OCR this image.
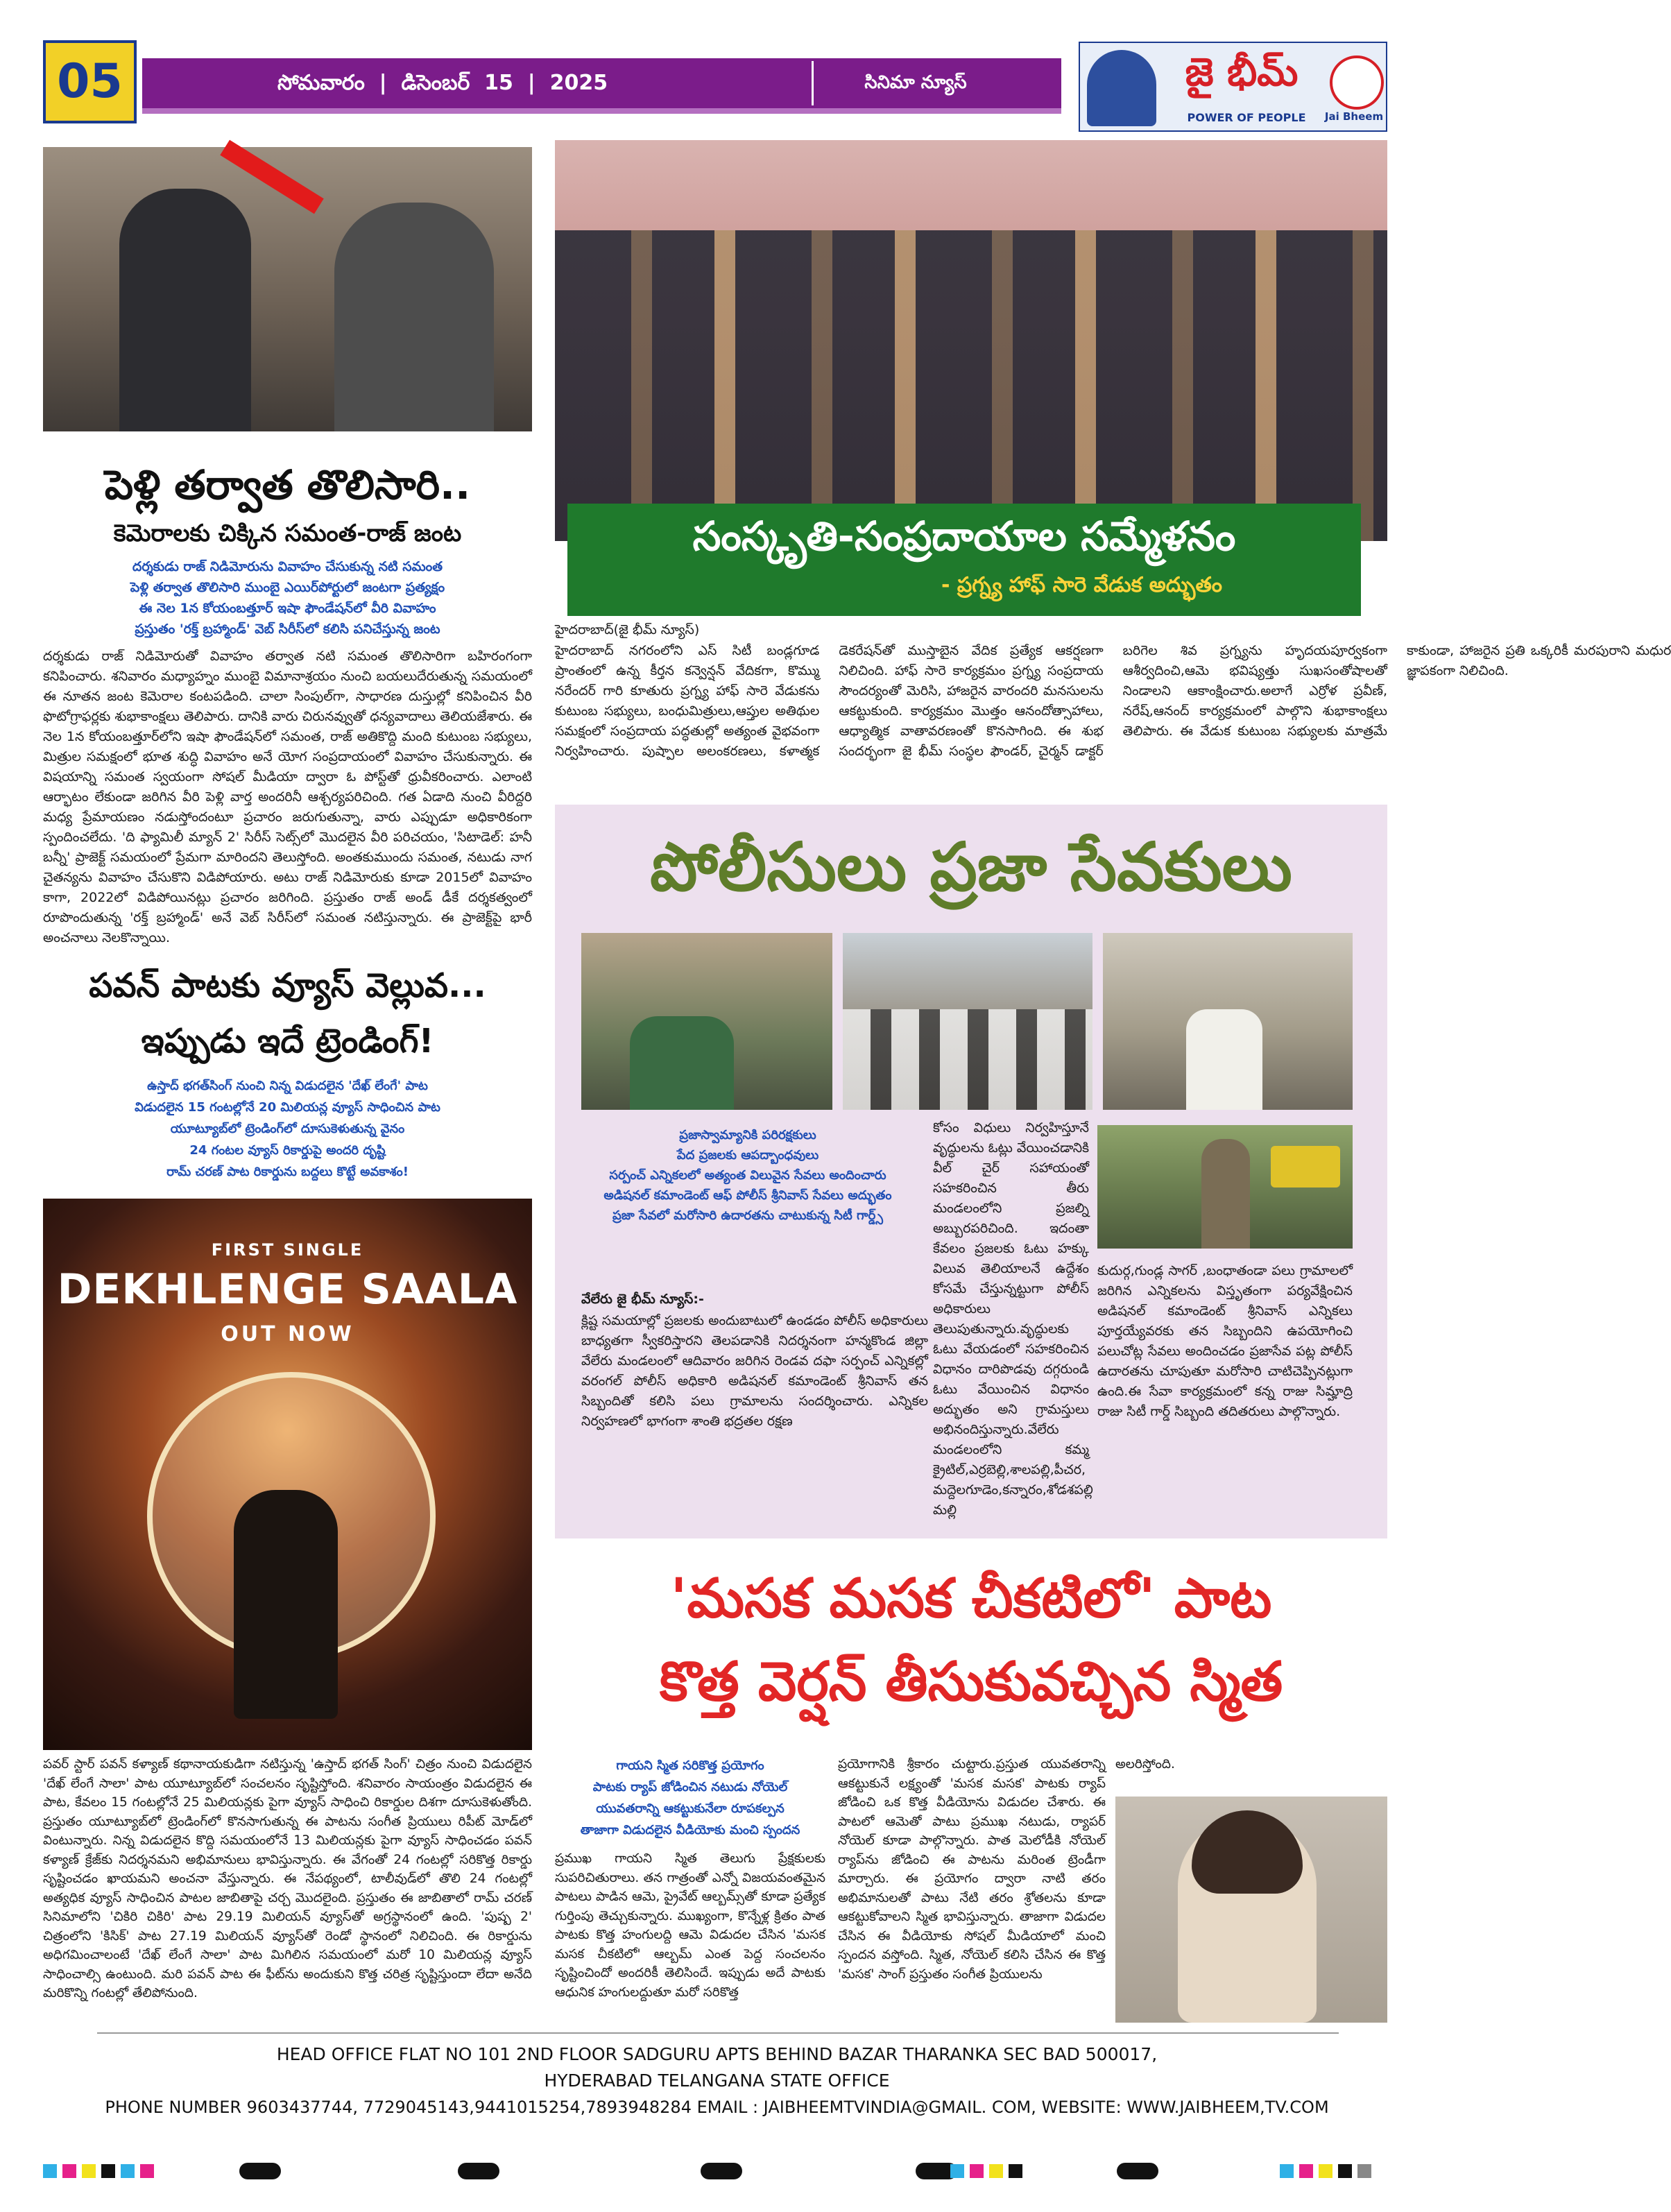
05	సోమవారం  |  డిసెంబర్  15  |  2025	సినిమా న్యూస్	జై భీమ్
POWER OF PEOPLE	Jai Bheem
పెళ్లి తర్వాత తొలిసారి..
కెమెరాలకు చిక్కిన సమంత-రాజ్ జంట
దర్శకుడు రాజ్ నిడిమోరును వివాహం చేసుకున్న నటి సమంత
పెళ్లి తర్వాత తొలిసారి ముంబై ఎయిర్‌పోర్టులో జంటగా ప్రత్యక్షం
ఈ నెల 1న కోయంబత్తూర్ ఇషా ఫౌండేషన్‌లో వీరి వివాహం
ప్రస్తుతం 'రక్త్ బ్రహ్మాండ్' వెబ్ సిరీస్‌లో కలిసి పనిచేస్తున్న జంట
దర్శకుడు రాజ్ నిడిమోరుతో వివాహం తర్వాత నటి సమంత తొలిసారిగా బహిరంగంగా కనిపించారు. శనివారం మధ్యాహ్నం ముంబై విమానాశ్రయం నుంచి బయలుదేరుతున్న సమయంలో ఈ నూతన జంట కెమెరాల కంటపడింది. చాలా సింపుల్‌గా, సాధారణ దుస్తుల్లో కనిపించిన వీరి ఫొటోగ్రాఫర్లకు శుభాకాంక్షలు తెలిపారు. దానికి వారు చిరునవ్వుతో ధన్యవాదాలు తెలియజేశారు. ఈ నెల 1న కోయంబత్తూర్‌లోని ఇషా ఫౌండేషన్‌లో సమంత, రాజ్ అతికొద్ది మంది కుటుంబ సభ్యులు, మిత్రుల సమక్షంలో భూత శుద్ధి వివాహం అనే యోగ సంప్రదాయంలో వివాహం చేసుకున్నారు. ఈ విషయాన్ని సమంత స్వయంగా సోషల్ మీడియా ద్వారా ఓ పోస్ట్‌తో ధ్రువీకరించారు. ఎలాంటి ఆర్భాటం లేకుండా జరిగిన వీరి పెళ్లి వార్త అందరినీ ఆశ్చర్యపరిచింది. గత ఏడాది నుంచి వీరిద్దరి మధ్య ప్రేమాయణం నడుస్తోందంటూ ప్రచారం జరుగుతున్నా, వారు ఎప్పుడూ అధికారికంగా స్పందించలేదు. 'ది ఫ్యామిలీ మ్యాన్ 2' సిరీస్ సెట్స్‌లో మొదలైన వీరి పరిచయం, 'సిటాడెల్: హనీ బన్నీ' ప్రాజెక్ట్ సమయంలో ప్రేమగా మారిందని తెలుస్తోంది. అంతకుముందు సమంత, నటుడు నాగ చైతన్యను వివాహం చేసుకొని విడిపోయారు. అటు రాజ్ నిడిమోరుకు కూడా 2015లో వివాహం కాగా, 2022లో విడిపోయినట్లు ప్రచారం జరిగింది. ప్రస్తుతం రాజ్ అండ్ డీకే దర్శకత్వంలో రూపొందుతున్న 'రక్త్ బ్రహ్మాండ్' అనే వెబ్ సిరీస్‌లో సమంత నటిస్తున్నారు. ఈ ప్రాజెక్ట్‌పై భారీ అంచనాలు నెలకొన్నాయి.
పవన్ పాటకు వ్యూస్ వెల్లువ...
ఇప్పుడు ఇదే ట్రెండింగ్!
ఉస్తాద్ భగత్‌సింగ్ నుంచి నిన్న విడుదలైన 'దేఖ్ లేంగే' పాట
విడుదలైన 15 గంటల్లోనే 20 మిలియన్ల వ్యూస్ సాధించిన పాట
యూట్యూబ్‌లో ట్రెండింగ్‌లో దూసుకెళుతున్న వైనం
24 గంటల వ్యూస్ రికార్డుపై అందరి దృష్టి
రామ్ చరణ్ పాట రికార్డును బద్దలు కొట్టే అవకాశం!
FIRST SINGLE
DEKHLENGE SAALA
OUT NOW
పవర్ స్టార్ పవన్ కళ్యాణ్ కథానాయకుడిగా నటిస్తున్న 'ఉస్తాద్ భగత్ సింగ్' చిత్రం నుంచి విడుదలైన 'దేఖ్ లేంగే సాలా' పాట యూట్యూబ్‌లో సంచలనం సృష్టిస్తోంది. శనివారం సాయంత్రం విడుదలైన ఈ పాట, కేవలం 15 గంటల్లోనే 25 మిలియన్లకు పైగా వ్యూస్ సాధించి రికార్డుల దిశగా దూసుకెళుతోంది. ప్రస్తుతం యూట్యూబ్‌లో ట్రెండింగ్‌లో కొనసాగుతున్న ఈ పాటను సంగీత ప్రియులు రిపీట్ మోడ్‌లో వింటున్నారు. నిన్న విడుదలైన కొద్ది సమయంలోనే 13 మిలియన్లకు పైగా వ్యూస్ సాధించడం పవన్ కళ్యాణ్ క్రేజ్‌కు నిదర్శనమని అభిమానులు భావిస్తున్నారు. ఈ వేగంతో 24 గంటల్లో సరికొత్త రికార్డు సృష్టించడం ఖాయమని అంచనా వేస్తున్నారు. ఈ నేపథ్యంలో, టాలీవుడ్‌లో తొలి 24 గంటల్లో అత్యధిక వ్యూస్ సాధించిన పాటల జాబితాపై చర్చ మొదలైంది. ప్రస్తుతం ఈ జాబితాలో రామ్ చరణ్ సినిమాలోని 'చికిరి చికిరి' పాట 29.19 మిలియన్ వ్యూస్‌తో అగ్రస్థానంలో ఉంది. 'పుష్ప 2' చిత్రంలోని 'కిసిక్' పాట 27.19 మిలియన్ వ్యూస్‌తో రెండో స్థానంలో నిలిచింది. ఈ రికార్డును అధిగమించాలంటే 'దేఖ్ లేంగే సాలా' పాట మిగిలిన సమయంలో మరో 10 మిలియన్ల వ్యూస్ సాధించాల్సి ఉంటుంది. మరి పవన్ పాట ఈ ఫీట్‌ను అందుకుని కొత్త చరిత్ర సృష్టిస్తుందా లేదా అనేది మరికొన్ని గంటల్లో తేలిపోనుంది.
సంస్కృతి-సంప్రదాయాల సమ్మేళనం
- ప్రగ్న్య హాఫ్ సారె వేడుక అద్భుతం
హైదరాబాద్(జై భీమ్ న్యూస్)
హైదరాబాద్ నగరంలోని ఎస్ సిటీ బండ్లగూడ ప్రాంతంలో ఉన్న కీర్తన కన్వెన్షన్ వేదికగా, కొమ్ము నరేందర్ గారి కూతురు ప్రగ్న్య హాఫ్ సారె వేడుకను కుటుంబ సభ్యులు, బంధుమిత్రులు,ఆప్తుల అతిథుల సమక్షంలో సంప్రదాయ పద్ధతుల్లో అత్యంత వైభవంగా నిర్వహించారు. పుష్పాల అలంకరణలు, కళాత్మక డెకరేషన్‌తో ముస్తాబైన వేదిక ప్రత్యేక ఆకర్షణగా నిలిచింది. హాఫ్ సారె కార్యక్రమం ప్రగ్న్య సంప్రదాయ సౌందర్యంతో మెరిసి, హాజరైన వారందరి మనసులను ఆకట్టుకుంది. కార్యక్రమం మొత్తం ఆనందోత్సాహాలు, ఆధ్యాత్మిక వాతావరణంతో కొనసాగింది. ఈ శుభ సందర్భంగా జై భీమ్ సంస్థల ఫౌండర్, చైర్మన్ డాక్టర్ బరిగెల శివ ప్రగ్న్యను హృదయపూర్వకంగా ఆశీర్వదించి,ఆమె భవిష్యత్తు సుఖసంతోషాలతో నిండాలని ఆకాంక్షించారు.అలాగే ఎర్రోళ ప్రవీణ్, నరేష్,ఆనంద్ కార్యక్రమంలో పాల్గొని శుభాకాంక్షలు తెలిపారు. ఈ వేడుక కుటుంబ సభ్యులకు మాత్రమే కాకుండా, హాజరైన ప్రతి ఒక్కరికీ మరపురాని మధుర జ్ఞాపకంగా నిలిచింది.
పోలీసులు ప్రజా సేవకులు
ప్రజాస్వామ్యానికి పరిరక్షకులు
పేద ప్రజలకు ఆపద్బాంధవులు
సర్పంచ్ ఎన్నికలలో అత్యంత విలువైన సేవలు అందించారు
అడిషనల్ కమాండెంట్ ఆఫ్ పోలీస్ శ్రీనివాస్ సేవలు అద్భుతం
ప్రజా సేవలో మరోసారి ఉదారతను చాటుకున్న సిటీ గార్డ్స్
వేలేరు జై భీమ్ న్యూస్:-
క్లిష్ట సమయాల్లో ప్రజలకు అందుబాటులో ఉండడం పోలీస్ అధికారులు బాధ్యతగా స్వీకరిస్తారని తెలపడానికి నిదర్శనంగా హన్మకొండ జిల్లా వేలేరు మండలంలో ఆదివారం జరిగిన రెండవ దఫా సర్పంచ్ ఎన్నికల్లో వరంగల్ పోలీస్ అధికారి అడిషనల్ కమాండెంట్ శ్రీనివాస్ తన సిబ్బందితో కలిసి పలు గ్రామాలను సందర్శించారు. ఎన్నికల నిర్వహణలో భాగంగా శాంతి భద్రతల రక్షణ
కోసం విధులు నిర్వహిస్తూనే వృద్ధులను ఓట్లు వేయించడానికి వీల్ చైర్ సహాయంతో సహకరించిన తీరు మండలంలోని ప్రజల్ని అబ్బురపరిచింది. ఇదంతా కేవలం ప్రజలకు ఓటు హక్కు విలువ తెలియాలనే ఉద్దేశం కోసమే చేస్తున్నట్టుగా పోలీస్ అధికారులు తెలుపుతున్నారు.వృద్ధులకు ఓటు వేయడంలో సహకరించిన విధానం దారిపొడవు దగ్గరుండి ఓటు వేయించిన విధానం అద్భుతం అని గ్రామస్తులు అభినందిస్తున్నారు.వేలేరు మండలంలోని కమ్మ క్రైటిల్,ఎర్రబెల్లి,శాలపల్లి,పీచర, మద్దెలగూడెం,కన్నారం,శోడశపల్లి మల్లి
కుదుర్గ,గుండ్ల సాగర్ ,బంధాతండా పలు గ్రామాలలో జరిగిన ఎన్నికలను విస్తృతంగా పర్యవేక్షించిన అడిషనల్ కమాండెంట్ శ్రీనివాస్ ఎన్నికలు పూర్తయ్యేవరకు తన సిబ్బందిని ఉపయోగించి పలుచోట్ల సేవలు అందించడం ప్రజాసేవ పట్ల పోలీస్ ఉదారతను చూపుతూ మరోసారి చాటిచెప్పినట్లుగా ఉంది.ఈ సేవా కార్యక్రమంలో కన్న రాజు సిమ్హాద్రి రాజు సిటీ గార్డ్ సిబ్బంది తదితరులు పాల్గొన్నారు.
'మసక మసక చీకటిలో' పాట
కొత్త వెర్షన్ తీసుకువచ్చిన స్మిత
గాయని స్మిత సరికొత్త ప్రయోగం
పాటకు ర్యాప్ జోడించిన నటుడు నోయెల్
యువతరాన్ని ఆకట్టుకునేలా రూపకల్పన
తాజాగా విడుదలైన వీడియోకు మంచి స్పందన
ప్రముఖ గాయని స్మిత తెలుగు ప్రేక్షకులకు సుపరిచితురాలు. తన గాత్రంతో ఎన్నో విజయవంతమైన పాటలు పాడిన ఆమె, ప్రైవేట్ ఆల్బమ్స్‌తో కూడా ప్రత్యేక గుర్తింపు తెచ్చుకున్నారు. ముఖ్యంగా, కొన్నేళ్ల క్రితం పాత పాటకు కొత్త హంగులద్ది ఆమె విడుదల చేసిన 'మసక మసక చీకటిలో' ఆల్బమ్ ఎంత పెద్ద సంచలనం సృష్టించిందో అందరికీ తెలిసిందే. ఇప్పుడు అదే పాటకు ఆధునిక హంగులద్దుతూ మరో సరికొత్త
ప్రయోగానికి శ్రీకారం చుట్టారు.ప్రస్తుత యువతరాన్ని ఆకట్టుకునే లక్ష్యంతో 'మసక మసక' పాటకు ర్యాప్ జోడించి ఒక కొత్త వీడియోను విడుదల చేశారు. ఈ పాటలో ఆమెతో పాటు ప్రముఖ నటుడు, ర్యాపర్ నోయెల్ కూడా పాల్గొన్నారు. పాత మెలోడీకి నోయెల్ ర్యాప్‌ను జోడించి ఈ పాటను మరింత ట్రెండీగా మార్చారు. ఈ ప్రయోగం ద్వారా నాటి తరం అభిమానులతో పాటు నేటి తరం శ్రోతలను కూడా ఆకట్టుకోవాలని స్మిత భావిస్తున్నారు. తాజాగా విడుదల చేసిన ఈ వీడియోకు సోషల్ మీడియాలో మంచి స్పందన వస్తోంది. స్మిత, నోయెల్ కలిసి చేసిన ఈ కొత్త 'మసక' సాంగ్ ప్రస్తుతం సంగీత ప్రియులను
అలరిస్తోంది.
HEAD OFFICE FLAT NO 101 2ND FLOOR SADGURU APTS BEHIND BAZAR THARANKA SEC BAD 500017,
HYDERABAD TELANGANA STATE OFFICE
PHONE NUMBER 9603437744, 7729045143,9441015254,7893948284 EMAIL : JAIBHEEMTVINDIA@GMAIL. COM, WEBSITE: WWW.JAIBHEEM,TV.COM
